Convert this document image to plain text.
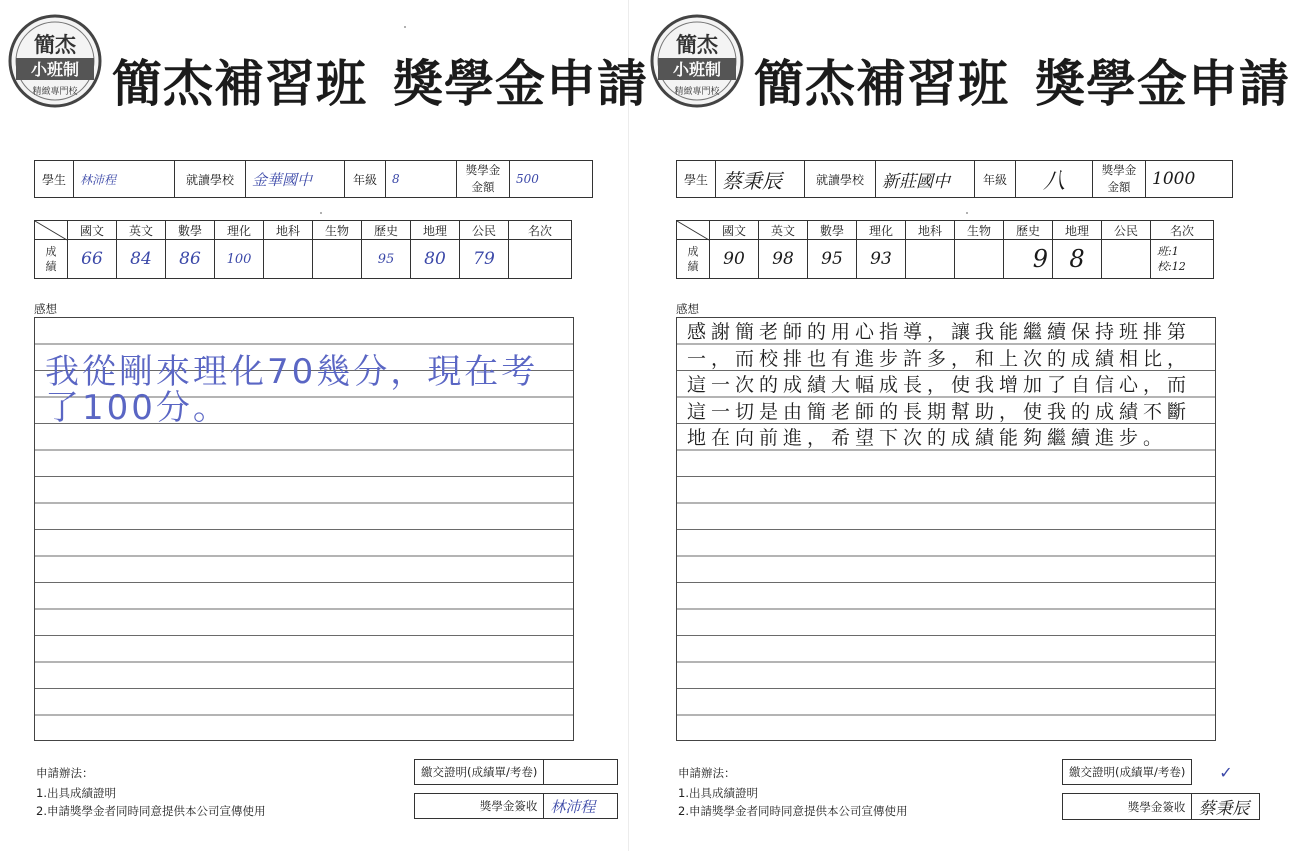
簡杰
小班制
精緻專門校 簡杰補習班 獎學金申請
學生	林沛程	就讀學校	金華國中	年級	8	獎學金
金額	500
	國文	英文	數學	理化	地科	生物	歷史	地理	公民	名次
成
績	66	84	86	100			95	80	79	
感想
我從剛來理化70幾分，現在考了100分。
申請辦法：
1.出具成績證明
2.申請獎學金者同時同意提供本公司宣傳使用
繳交證明(成績單/考卷)	

獎學金簽收	林沛程
簡杰
小班制
精緻專門校 簡杰補習班 獎學金申請
學生	蔡秉辰	就讀學校	新莊國中	年級	八	獎學金
金額	1000
	國文	英文	數學	理化	地科	生物	歷史	地理	公民	名次
成
績	90	98	95	93			9	8		班:1
校:12
感想
感謝簡老師的用心指導，讓我能繼續保持班排第一，而校排也有進步許多，和上次的成績相比，這一次的成績大幅成長，使我增加了自信心，而這一切是由簡老師的長期幫助，使我的成績不斷地在向前進，希望下次的成績能夠繼續進步。
申請辦法：
1.出具成績證明
2.申請獎學金者同時同意提供本公司宣傳使用
繳交證明(成績單/考卷)	✓

獎學金簽收	蔡秉辰
